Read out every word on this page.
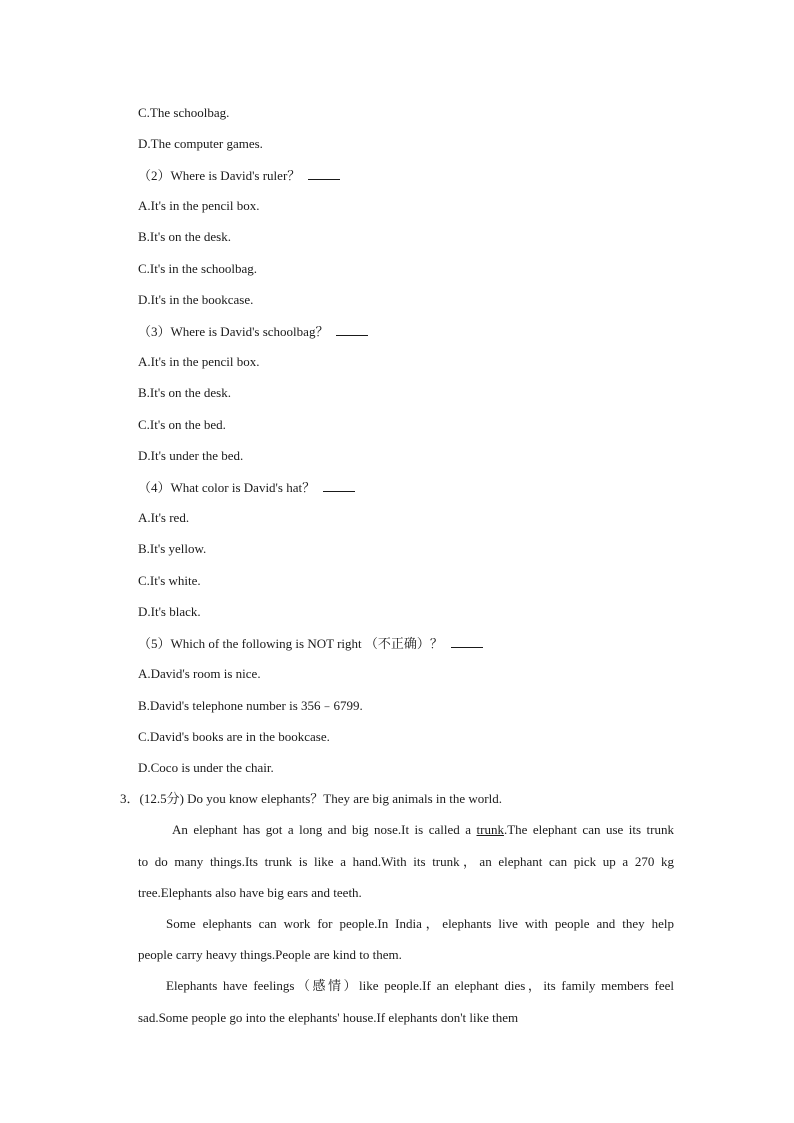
C.The schoolbag.
D.The computer games.
（2）Where is David's ruler？
A.It's in the pencil box.
B.It's on the desk.
C.It's in the schoolbag.
D.It's in the bookcase.
（3）Where is David's schoolbag？
A.It's in the pencil box.
B.It's on the desk.
C.It's on the bed.
D.It's under the bed.
（4）What color is David's hat？
A.It's red.
B.It's yellow.
C.It's white.
D.It's black.
（5）Which of the following is NOT right （不正确）？
A.David's room is nice.
B.David's telephone number is 356﹣6799.
C.David's books are in the bookcase.
D.Coco is under the chair.
3．(12.5分) Do you know elephants？They are big animals in the world.
An elephant has got a long and big nose.It is called a trunk.The elephant can use its trunk
to do many things.Its trunk is like a hand.With its trunk，an elephant can pick up a 270 kg
tree.Elephants also have big ears and teeth.
Some elephants can work for people.In India，elephants live with people and they help
people carry heavy things.People are kind to them.
Elephants have feelings（感情）like people.If an elephant dies，its family members feel
sad.Some people go into the elephants' house.If elephants don't like them
